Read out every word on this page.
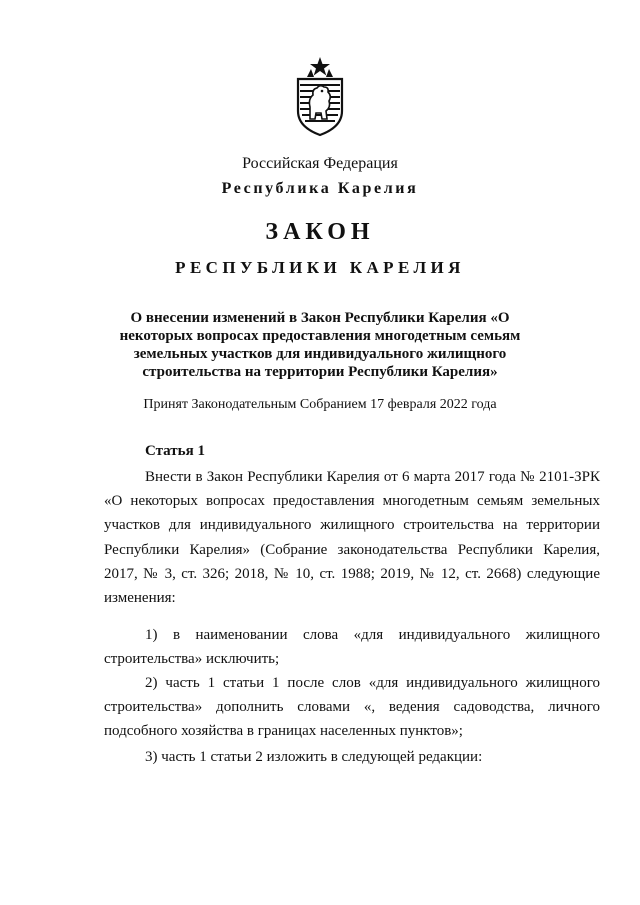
Российская Федерация
Республика Карелия
ЗАКОН
РЕСПУБЛИКИ КАРЕЛИЯ
О внесении изменений в Закон Республики Карелия «О некоторых вопросах предоставления многодетным семьям земельных участков для индивидуального жилищного строительства на территории Республики Карелия»
Принят Законодательным Собранием 17 февраля 2022 года
Статья 1
Внести в Закон Республики Карелия от 6 марта 2017 года № 2101-ЗРК «О некоторых вопросах предоставления многодетным семьям земельных участков для индивидуального жилищного строительства на территории Республики Карелия» (Собрание законодательства Республики Карелия, 2017, № 3, ст. 326; 2018, № 10, ст. 1988; 2019, № 12, ст. 2668) следующие изменения:
1) в наименовании слова «для индивидуального жилищного строительства» исключить;
2) часть 1 статьи 1 после слов «для индивидуального жилищного строительства» дополнить словами «, ведения садоводства, личного подсобного хозяйства в границах населенных пунктов»;
3) часть 1 статьи 2 изложить в следующей редакции:
